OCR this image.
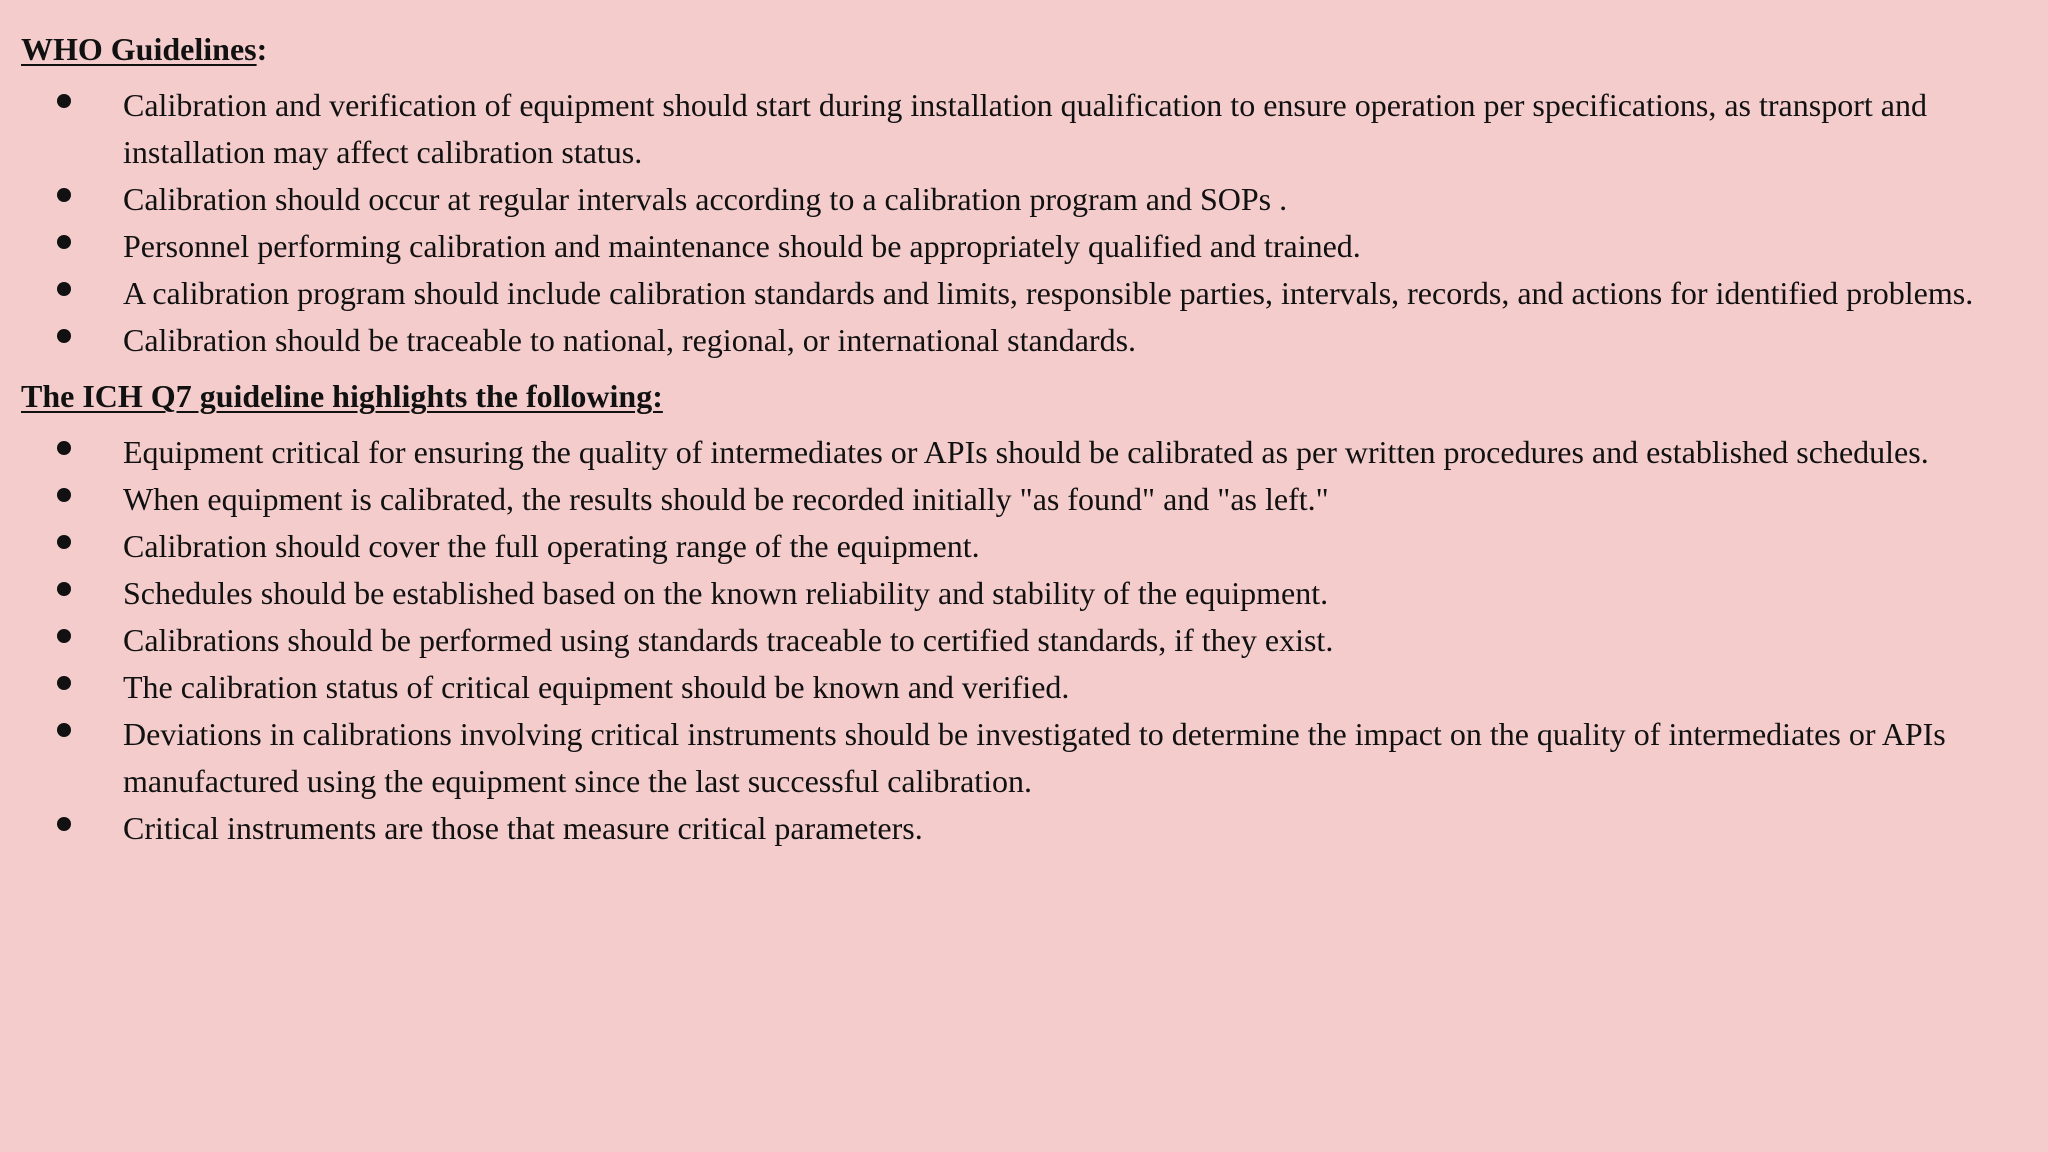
WHO Guidelines:
Calibration and verification of equipment should start during installation qualification to ensure operation per specifications, as transport and installation may affect calibration status.
Calibration should occur at regular intervals according to a calibration program and SOPs .
Personnel performing calibration and maintenance should be appropriately qualified and trained.
A calibration program should include calibration standards and limits, responsible parties, intervals, records, and actions for identified problems.
Calibration should be traceable to national, regional, or international standards.
The ICH Q7 guideline highlights the following:
Equipment critical for ensuring the quality of intermediates or APIs should be calibrated as per written procedures and established schedules.
When equipment is calibrated, the results should be recorded initially "as found" and "as left."
Calibration should cover the full operating range of the equipment.
Schedules should be established based on the known reliability and stability of the equipment.
Calibrations should be performed using standards traceable to certified standards, if they exist.
The calibration status of critical equipment should be known and verified.
Deviations in calibrations involving critical instruments should be investigated to determine the impact on the quality of intermediates or APIs manufactured using the equipment since the last successful calibration.
Critical instruments are those that measure critical parameters.
